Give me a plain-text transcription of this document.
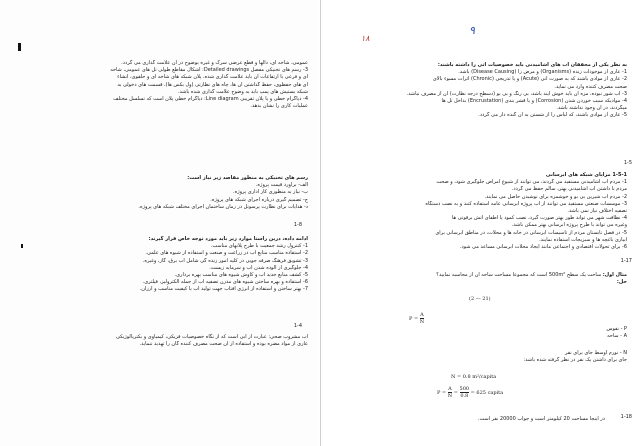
عمومی، شاخه ای، دالها و قطع عرضی سرک و غیره بوضوح در آن علامت گذاری می گردد.
3- رسم های تخنیکی مفصل Detailed drawings: اشکال مقاطع طولی تل های عمومی، شاخه
ای و فرعی با ارتفاعات آن باید علامت گذاری شده، پلان شبکه های شاخه ای و حلقوی، انشاء
ای های حفظوی، حفظ گذاشتن آن ها، چاه های نظارتی (ول بکس ها)، قسمت های دخولی به
شبکه بستیش های پمپ باید به وضوح علامت گذاری شده باشد.
4- دیاگرام خطی و یا پلان تقریبی Line diagram: دیاگرام خطی پلان است که تسلسل مختلف
عملیات کاری را نشان بدهد.
رسم های تخنیکی به منظور مقاصد زیر نیاز است:
الف- برآورد قیمت پروژه.
ب- نیاز به منظوری کار اداری پروژه.
ج- تصمیم گیری درباره اجرای شبکه های پروژه.
د- هدایات برای نظارت پرسونل در زمان ساختمان اجرای مختلف شبکه های پروژه.
1-8
ادامه داده، درین راستا موارد زیر باید مورد توجه خاص قرار گیرند:
1- کنترول رشد جمعیت با طرح پلانهای مناسب.
2- استفاده مناسب منابع آب در زراعت و صنعت و استفاده از شیوه های علمی.
3- تشویق فرهنگ صرفه جویی در کلیه امور زنده گی شامل آب برق، گاز، وغیره.
4- جلوگیری از آلوده شدن آب و سرمایه زیست.
5- کشف منابع جدید آب و کاوش شیوه های مناسب بهره برداری.
6- استفاده و بهره ساختن شیوه های مدرن تصفیه آب از جمله الکترولیز، فیلتری.
7- بهتر ساختن و استفاده از انرژی افتاب جهت تولید آب با کیفیت مناسب و ارزان.
1-4
آب مشروب صحی: عبارت از آبی است که از نگاه خصوصیات فزیکی، کیمیاوی و بکتریالوژیکی
عاری از مواد مضره بوده و استفاده از آن صحت مصرف کننده گان را تهدید ننماید.
۹
۱۸
به نظر یکی از محققان آب های آشامیدنی باید خصوصیات آتی را داشته باشند:
1- عاری از موجودات زنده (Organisms) و مرض زا (Disease Causing) باشد.
2- عاری از موادی باشند که به صورت آنی (Acute) و یا تدریجی (Chronic) اثرات مسوء بالای
صحت مصرف کننده وارد می نماید.
3- آب شور نبوده، مزه آن باید خوش آیند باشد، بی رنگ و بی بو (دسطح درجه نظارت) آن از مصرف نباشد.
4- موادیکه سبب خوردن شدن (Corrosion) و یا قشر بندی (Encrustation) بداخل تل ها
میگردند، در آن وجود نداشته باشد.
5- عاری از موادی باشند، که لباس را از شستن به آن گنده دار می گردد.
1-5
1-5-1 مزایای شبکه های آبرسانی
1- مردم آب آشامیدنی مستفید می گردند، می توانند از شیوع امراض جلوگیری شود، و صحت
مردم با داشتن آب آشامیدنی بهتر، سالم حفظ می گردد.
2- مردم آب شیرین بی بو و خوشمزه برای نوشیدن حاصل می نمایند.
3- موسسات صنعتی مستفید می توانند از آب پروژه آبرسانی عامه استفاده کنند و به نصب دستگاه
تصفیه اختلاف نیاز نمی باشد.
4- نظافت شهر می تواند طور بهتر صورت گیرد، نصب کمود یا اطفای آتش برقوتی ها
وغیره می تواند با طرح پروژه آبرسانی بهتر ممکن باشد.
5- در فصل تابستان مردم از تاسیسات آبرسانی در خانه ها و محلات، در مناطق آبرسانی برای
آبیاری باغچه ها و سبزیجات استفاده نمایند.
6- برای تحولات اقتصادی و اجتماعی مانند ایجاد محلات آبرسانی مساعد می شود.
1-17
مثال اول: ساحت یک سطح 500m² است که مجموعا مساحت ساحه آن از محاسبه نمایید؟
حل:
(2 — 21)
$P = \frac{A}{N}$
P - نفوس
A - ساحه
N - نورم اوسط جای برای نفر
جای برای داشتن یک نفر در نظر گرفته شده باشد:
N = 0.8 m²/capita
$P = \frac{A}{N} = \frac{500}{0.8} = 625$ capita
1-18
در اینجا مساحت 20 کیلومتر است و جواب 20000 نفر است.
